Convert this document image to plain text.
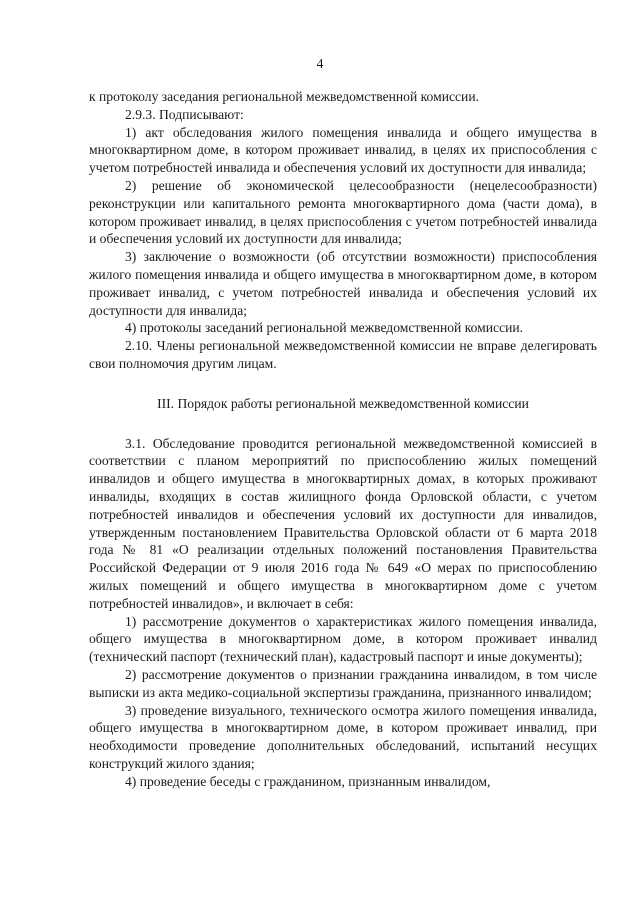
4

к протоколу заседания региональной межведомственной комиссии.

2.9.3. Подписывают:

1) акт обследования жилого помещения инвалида и общего имущества в многоквартирном доме, в котором проживает инвалид, в целях их приспособления с учетом потребностей инвалида и обеспечения условий их доступности для инвалида;

2) решение об экономической целесообразности (нецелесообразности) реконструкции или капитального ремонта многоквартирного дома (части дома), в котором проживает инвалид, в целях приспособления с учетом потребностей инвалида и обеспечения условий их доступности для инвалида;

3) заключение о возможности (об отсутствии возможности) приспособления жилого помещения инвалида и общего имущества в многоквартирном доме, в котором проживает инвалид, с учетом потребностей инвалида и обеспечения условий их доступности для инвалида;

4) протоколы заседаний региональной межведомственной комиссии.

2.10. Члены региональной межведомственной комиссии не вправе делегировать свои полномочия другим лицам.

III. Порядок работы региональной межведомственной комиссии

3.1. Обследование проводится региональной межведомственной комиссией в соответствии с планом мероприятий по приспособлению жилых помещений инвалидов и общего имущества в многоквартирных домах, в которых проживают инвалиды, входящих в состав жилищного фонда Орловской области, с учетом потребностей инвалидов и обеспечения условий их доступности для инвалидов, утвержденным постановлением Правительства Орловской области от 6 марта 2018 года № 81 «О реализации отдельных положений постановления Правительства Российской Федерации от 9 июля 2016 года № 649 «О мерах по приспособлению жилых помещений и общего имущества в многоквартирном доме с учетом потребностей инвалидов», и включает в себя:

1) рассмотрение документов о характеристиках жилого помещения инвалида, общего имущества в многоквартирном доме, в котором проживает инвалид (технический паспорт (технический план), кадастровый паспорт и иные документы);

2) рассмотрение документов о признании гражданина инвалидом, в том числе выписки из акта медико-социальной экспертизы гражданина, признанного инвалидом;

3) проведение визуального, технического осмотра жилого помещения инвалида, общего имущества в многоквартирном доме, в котором проживает инвалид, при необходимости проведение дополнительных обследований, испытаний несущих конструкций жилого здания;

4) проведение беседы с гражданином, признанным инвалидом,
